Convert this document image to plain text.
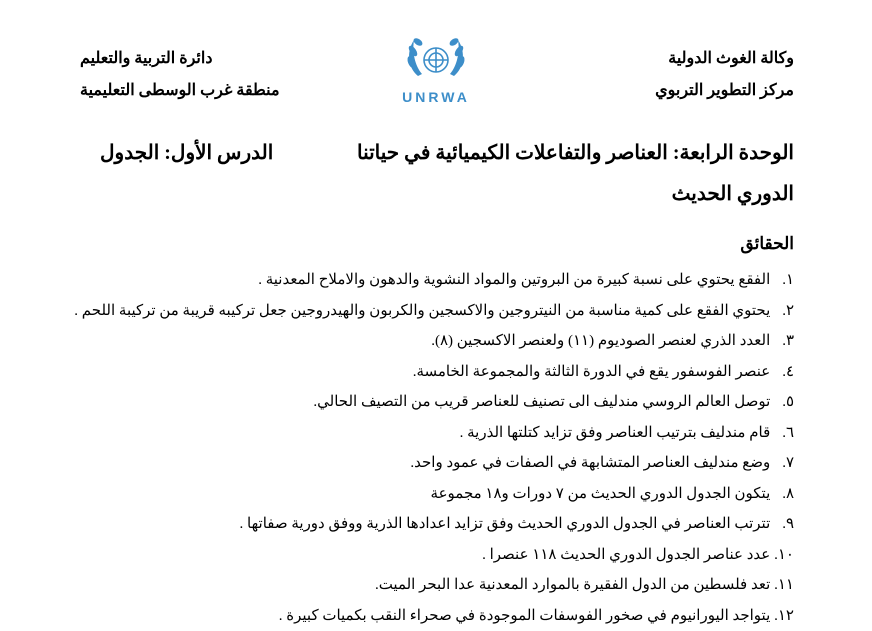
وكالة الغوث الدولية
مركز التطوير التربوي
دائرة التربية والتعليم
منطقة غرب الوسطى التعليمية	UNRWA
الوحدة الرابعة: العناصر والتفاعلات الكيميائية في حياتنا
الدرس الأول: الجدول
الدوري الحديث
الحقائق
١. الفقع يحتوي على نسبة كبيرة من البروتين والمواد النشوية والدهون والاملاح المعدنية .
٢. يحتوي الفقع على كمية مناسبة من النيتروجين والاكسجين والكربون والهيدروجين جعل تركيبه قريبة من تركيبة اللحم .
٣. العدد الذري لعنصر الصوديوم (١١) ولعنصر الاكسجين (٨).
٤. عنصر الفوسفور يقع في الدورة الثالثة والمجموعة الخامسة.
٥. توصل العالم الروسي مندليف الى تصنيف للعناصر قريب من التصيف الحالي.
٦. قام مندليف بترتيب العناصر وفق تزايد كتلتها الذرية .
٧. وضع مندليف العناصر المتشابهة في الصفات في عمود واحد.
٨. يتكون الجدول الدوري الحديث من ٧ دورات و١٨ مجموعة
٩. تترتب العناصر في الجدول الدوري الحديث وفق تزايد اعدادها الذرية ووفق دورية صفاتها .
١٠. عدد عناصر الجدول الدوري الحديث ١١٨ عنصرا .
١١. تعد فلسطين من الدول الفقيرة بالموارد المعدنية عدا البحر الميت.
١٢. يتواجد اليورانيوم في صخور الفوسفات الموجودة في صحراء النقب بكميات كبيرة .
